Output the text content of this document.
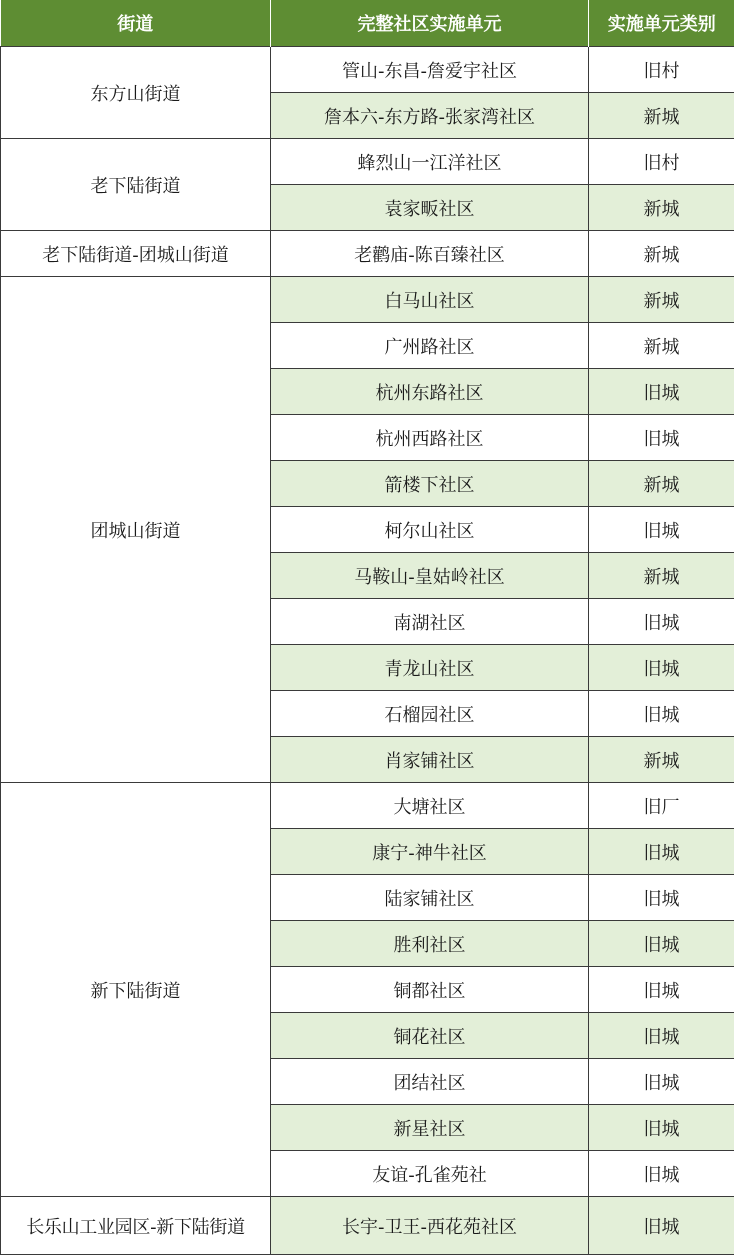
街道	完整社区实施单元	实施单元类别
东方山街道	管山-东昌-詹爱宇社区	旧村
	詹本六-东方路-张家湾社区	新城
老下陆街道	蜂烈山一江洋社区	旧村
	袁家畈社区	新城
老下陆街道-团城山街道	老鹳庙-陈百臻社区	新城
团城山街道	白马山社区	新城
	广州路社区	新城
	杭州东路社区	旧城
	杭州西路社区	旧城
	箭楼下社区	新城
	柯尔山社区	旧城
	马鞍山-皇姑岭社区	新城
	南湖社区	旧城
	青龙山社区	旧城
	石榴园社区	旧城
	肖家铺社区	新城
新下陆街道	大塘社区	旧厂
	康宁-神牛社区	旧城
	陆家铺社区	旧城
	胜利社区	旧城
	铜都社区	旧城
	铜花社区	旧城
	团结社区	旧城
	新星社区	旧城
	友谊-孔雀苑社	旧城
长乐山工业园区-新下陆街道	长宇-卫王-西花苑社区	旧城
